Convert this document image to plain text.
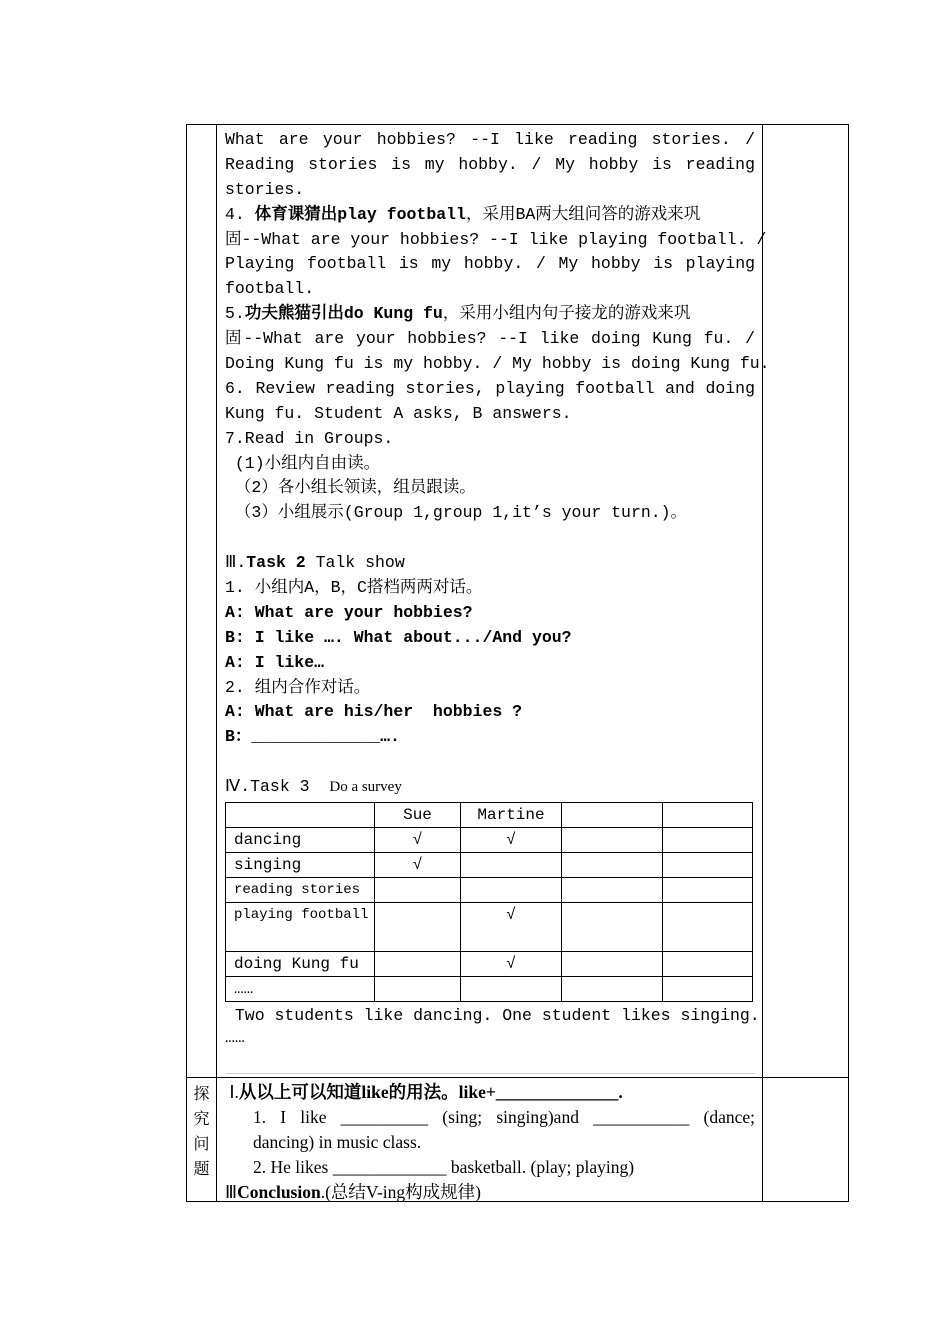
What are your hobbies? --I like reading stories. /
Reading stories is my hobby. / My hobby is reading
stories.
4. 体育课猜出play football，采用BA两大组问答的游戏来巩
固--What are your hobbies? --I like playing football. /
Playing football is my hobby. / My hobby is playing
football.
5.功夫熊猫引出do Kung fu，采用小组内句子接龙的游戏来巩
固--What are your hobbies? --I like doing Kung fu. /
Doing Kung fu is my hobby. / My hobby is doing Kung fu.
6. Review reading stories, playing football and doing
Kung fu. Student A asks, B answers.
7.Read in Groups.
(1)小组内自由读。
（2）各小组长领读，组员跟读。
（3）小组展示(Group 1,group 1,it’s your turn.)。
Ⅲ.Task 2 Talk show
1. 小组内A，B，C搭档两两对话。
A: What are your hobbies?
B: I like …. What about.../And you?
A: I like…
2. 组内合作对话。
A: What are his/her  hobbies ?
B：_____________….
Ⅳ.Task 3 Do a survey
	Sue	Martine		
dancing	√	√		
singing	√			
reading stories				
playing football		√		
doing Kung fu		√		
……				
Two students like dancing. One student likes singing.
……
探
究
问
题
Ⅰ.从以上可以知道like的用法。like+______________.
1. I like __________ (sing; singing)and ___________ (dance;
dancing) in music class.
2. He likes _____________ basketball. (play; playing)
ⅢConclusion.(总结V-ing构成规律)
